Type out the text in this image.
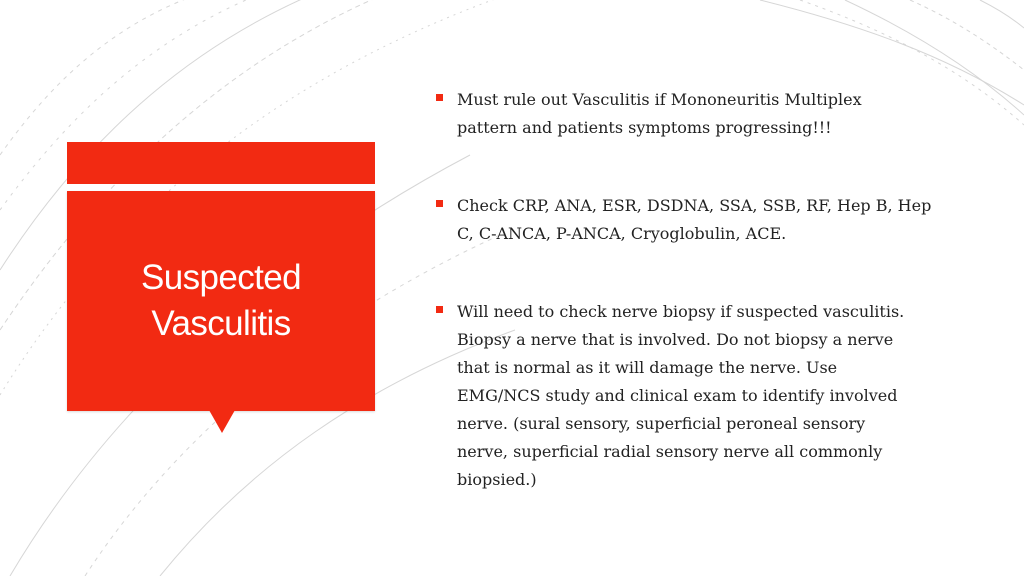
Suspected
Vasculitis
Must rule out Vasculitis if Mononeuritis Multiplex
pattern and patients symptoms progressing!!!
Check CRP, ANA, ESR, DSDNA, SSA, SSB, RF, Hep B, Hep
C, C-ANCA, P-ANCA, Cryoglobulin, ACE.
Will need to check nerve biopsy if suspected vasculitis.
Biopsy a nerve that is involved. Do not biopsy a nerve
that is normal as it will damage the nerve. Use
EMG/NCS study and clinical exam to identify involved
nerve. (sural sensory, superficial peroneal sensory
nerve, superficial radial sensory nerve all commonly
biopsied.)
